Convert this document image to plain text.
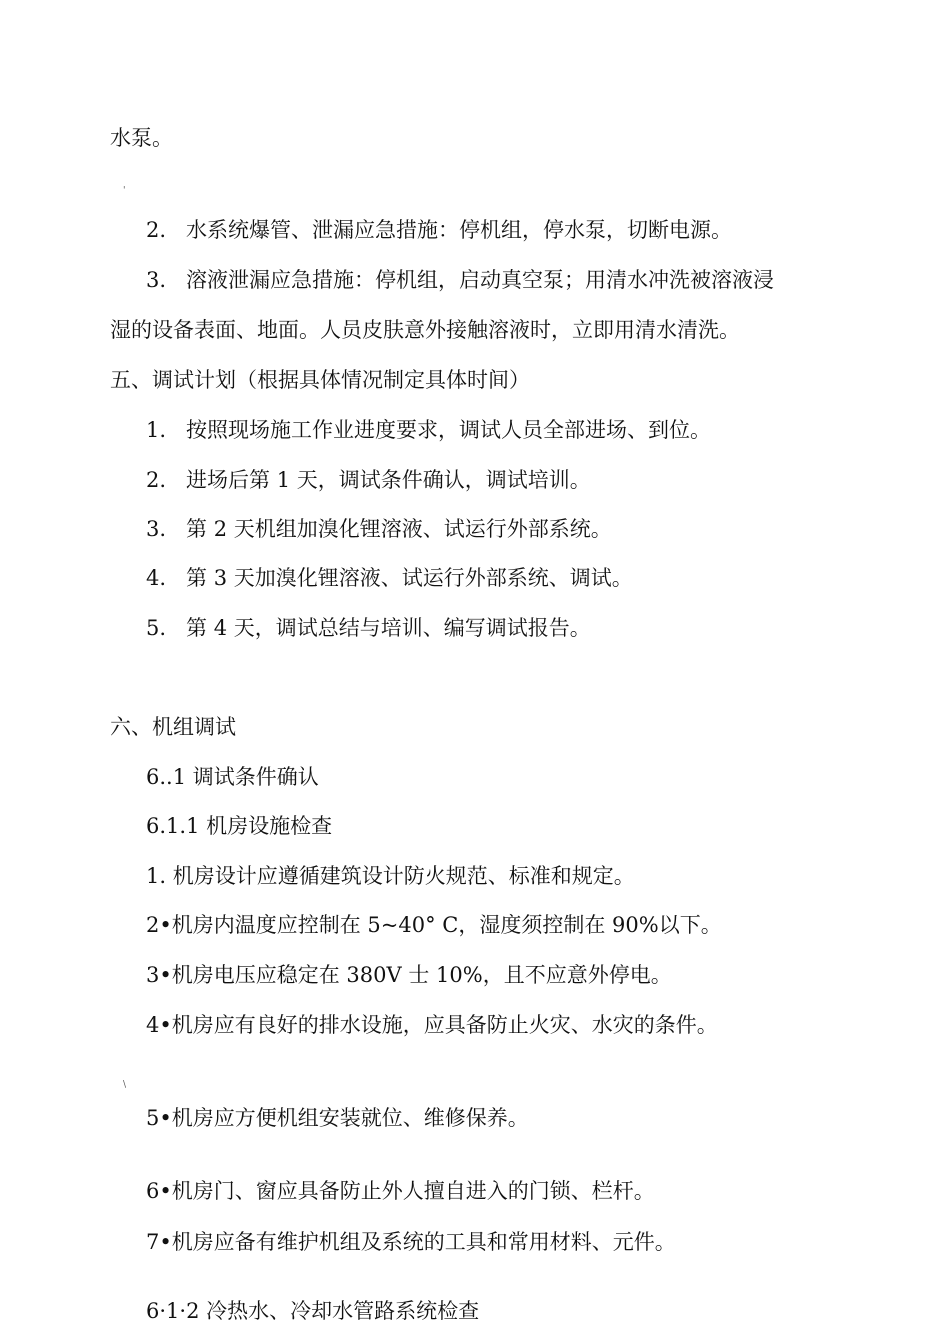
水泵。
'
2.   水系统爆管、泄漏应急措施：停机组，停水泵，切断电源。
3.   溶液泄漏应急措施：停机组，启动真空泵；用清水冲洗被溶液浸
湿的设备表面、地面。人员皮肤意外接触溶液时，立即用清水清洗。
五、调试计划（根据具体情况制定具体时间）
1.   按照现场施工作业进度要求，调试人员全部进场、到位。
2.   进场后第 1 天，调试条件确认，调试培训。
3.   第 2 天机组加溴化锂溶液、试运行外部系统。
4.   第 3 天加溴化锂溶液、试运行外部系统、调试。
5.   第 4 天，调试总结与培训、编写调试报告。
六、机组调试
6..1 调试条件确认
6.1.1 机房设施检查
1. 机房设计应遵循建筑设计防火规范、标准和规定。
2•机房内温度应控制在 5~40° C，湿度须控制在 90%以下。
3•机房电压应稳定在 380V 士 10%，且不应意外停电。
4•机房应有良好的排水设施，应具备防止火灾、水灾的条件。
\
5•机房应方便机组安装就位、维修保养。
6•机房门、窗应具备防止外人擅自进入的门锁、栏杆。
7•机房应备有维护机组及系统的工具和常用材料、元件。
6·1·2 冷热水、冷却水管路系统检查
